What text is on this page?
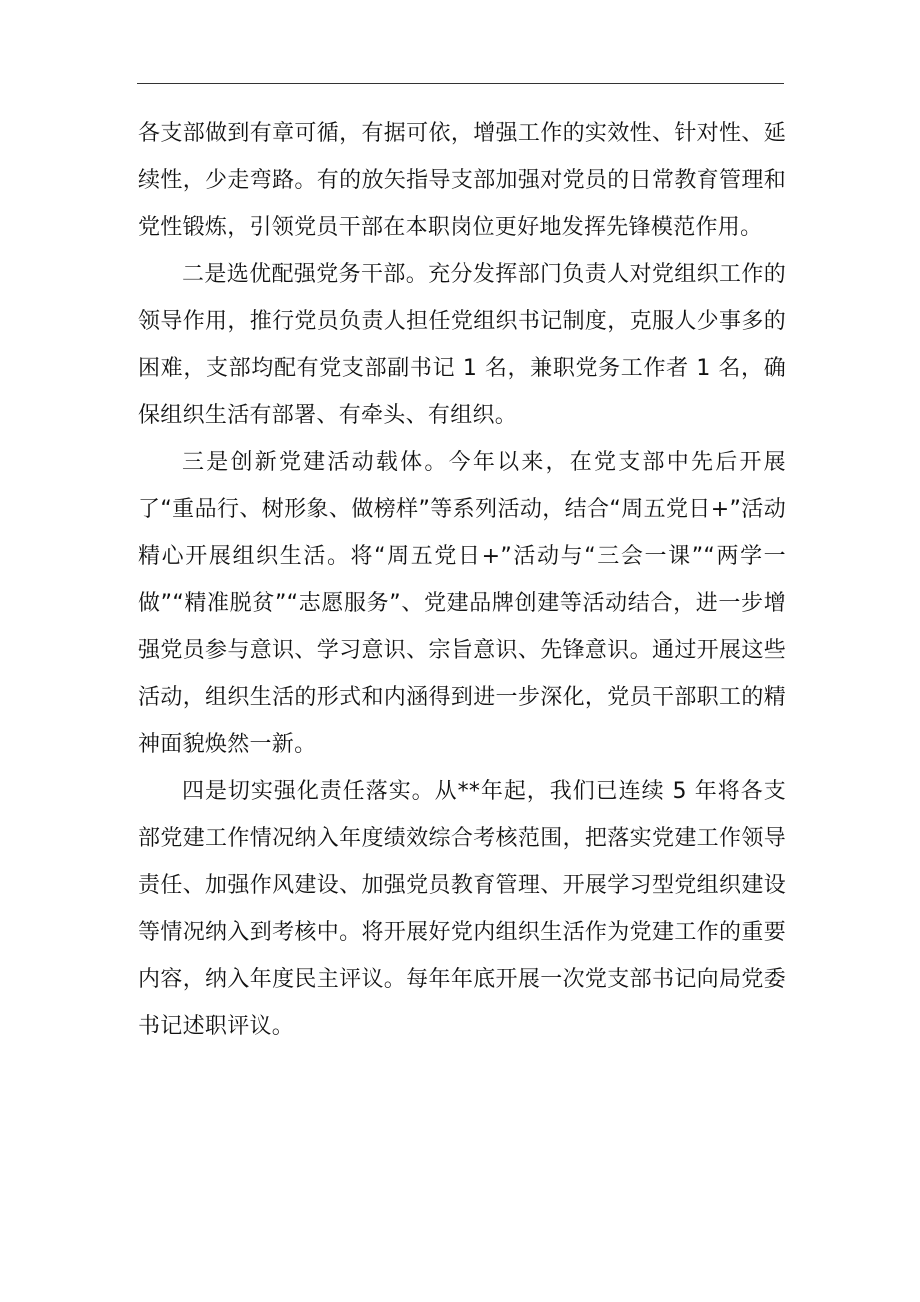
各支部做到有章可循，有据可依，增强工作的实效性、针对性、延续性，少走弯路。有的放矢指导支部加强对党员的日常教育管理和党性锻炼，引领党员干部在本职岗位更好地发挥先锋模范作用。

二是选优配强党务干部。充分发挥部门负责人对党组织工作的领导作用，推行党员负责人担任党组织书记制度，克服人少事多的困难，支部均配有党支部副书记 1 名，兼职党务工作者 1 名，确保组织生活有部署、有牵头、有组织。

三是创新党建活动载体。今年以来，在党支部中先后开展了“重品行、树形象、做榜样”等系列活动，结合“周五党日+”活动精心开展组织生活。将“周五党日+”活动与“三会一课”“两学一做”“精准脱贫”“志愿服务”、党建品牌创建等活动结合，进一步增强党员参与意识、学习意识、宗旨意识、先锋意识。通过开展这些活动，组织生活的形式和内涵得到进一步深化，党员干部职工的精神面貌焕然一新。

四是切实强化责任落实。从**年起，我们已连续 5 年将各支部党建工作情况纳入年度绩效综合考核范围，把落实党建工作领导责任、加强作风建设、加强党员教育管理、开展学习型党组织建设等情况纳入到考核中。将开展好党内组织生活作为党建工作的重要内容，纳入年度民主评议。每年年底开展一次党支部书记向局党委书记述职评议。
